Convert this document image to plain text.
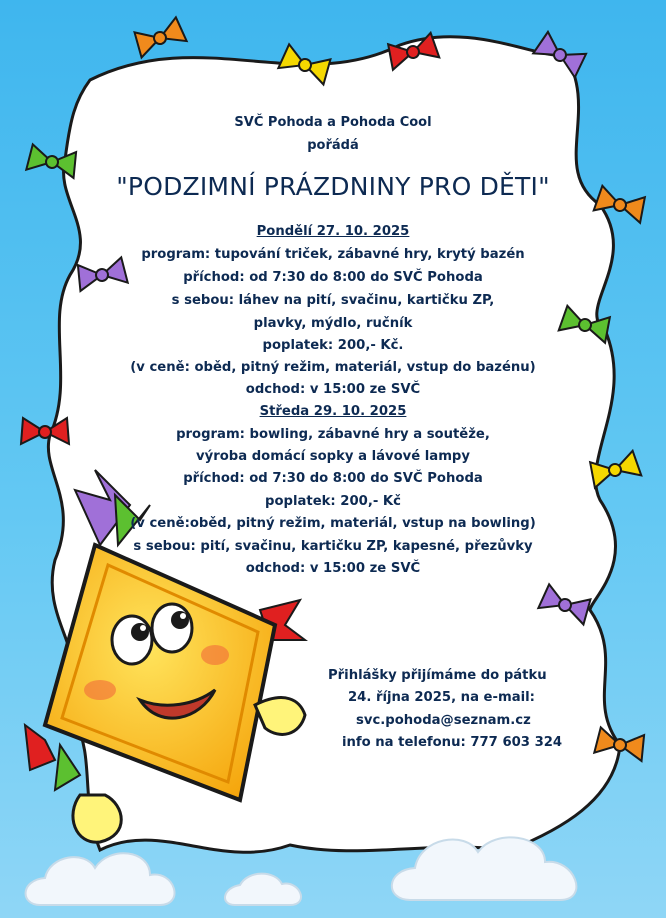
SVČ Pohoda a Pohoda Cool
pořádá
"PODZIMNÍ PRÁZDNINY PRO DĚTI"
Pondělí 27. 10. 2025
program: tupování triček, zábavné hry, krytý bazén
příchod: od 7:30 do 8:00 do SVČ Pohoda
s sebou: láhev na pití, svačinu, kartičku ZP,
plavky, mýdlo, ručník
poplatek: 200,- Kč.
(v ceně: oběd, pitný režim, materiál, vstup do bazénu)
odchod: v 15:00 ze SVČ
Středa 29. 10. 2025
program: bowling, zábavné hry a soutěže,
výroba domácí sopky a lávové lampy
příchod: od 7:30 do 8:00 do SVČ Pohoda
poplatek: 200,- Kč
(v ceně:oběd, pitný režim, materiál, vstup na bowling)
s sebou: pití, svačinu, kartičku ZP, kapesné, přezůvky
odchod: v 15:00 ze SVČ
Přihlášky přijímáme do pátku
24. října 2025, na e-mail:
svc.pohoda@seznam.cz
info na telefonu: 777 603 324
